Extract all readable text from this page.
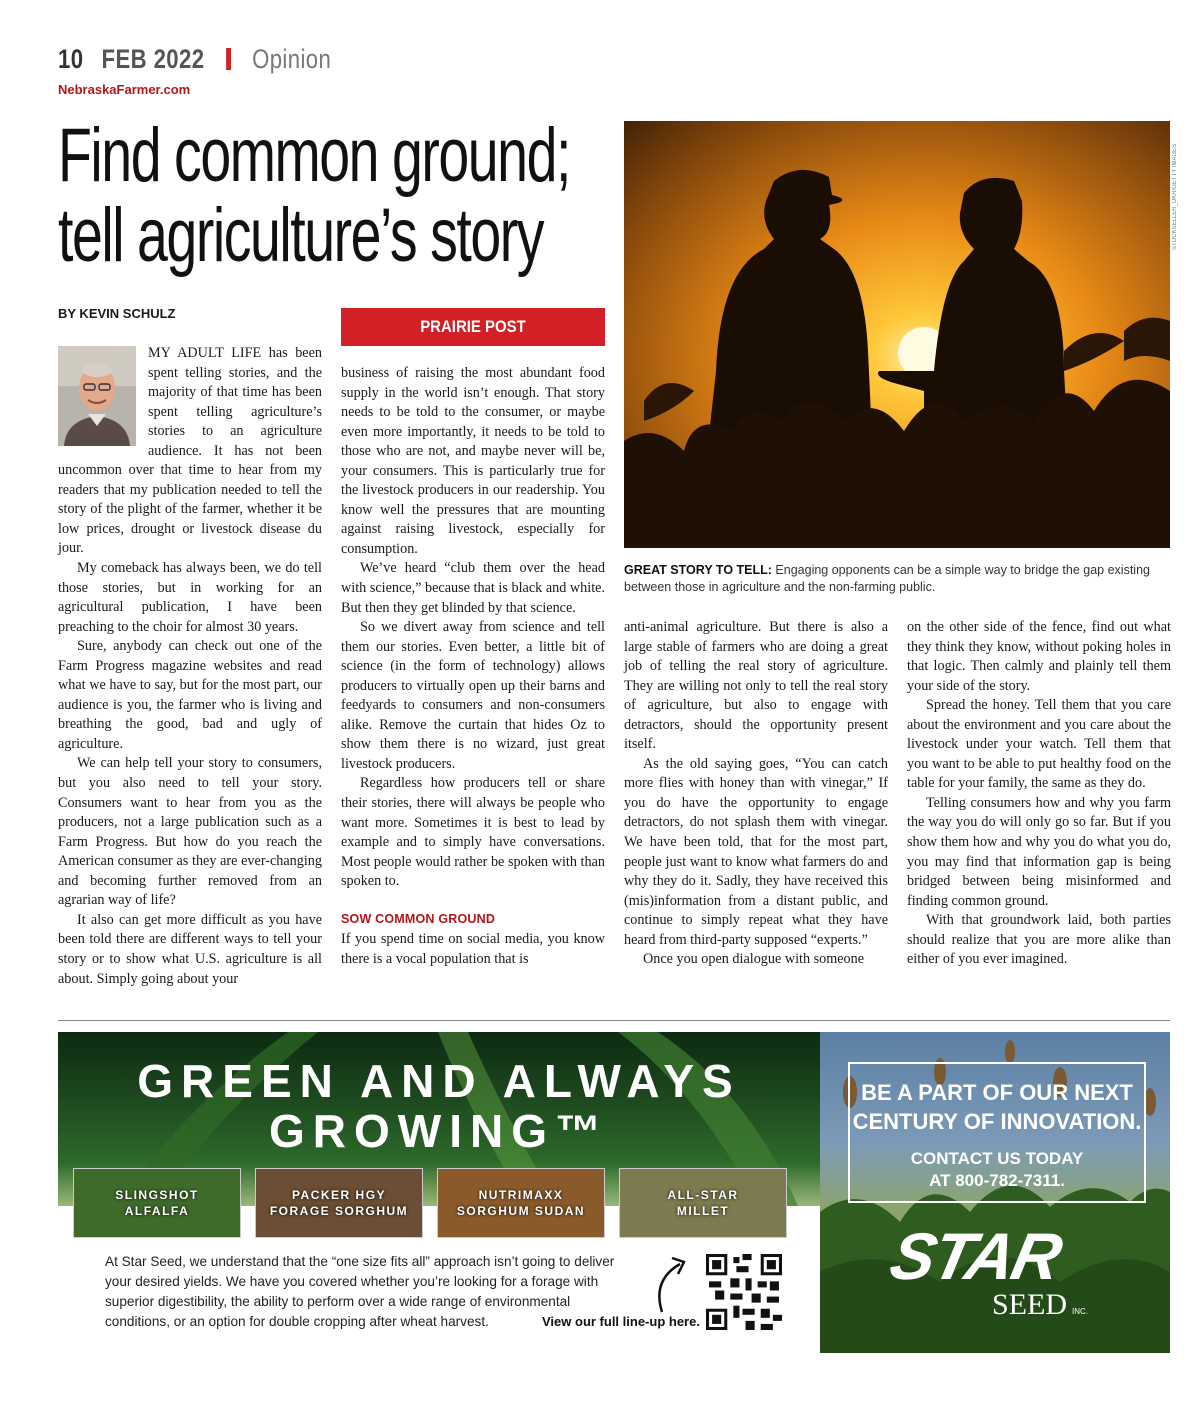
10 FEB 2022 Opinion
NebraskaFarmer.com
Find common ground;
tell agriculture’s story
BY KEVIN SCHULZ
PRAIRIE POST

MY ADULT LIFE has been spent telling stories, and the majority of that time has been spent telling agriculture’s stories to an agriculture audience. It has not been uncommon over that time to hear from my readers that my publication needed to tell the story of the plight of the farmer, whether it be low prices, drought or livestock disease du jour.

My comeback has always been, we do tell those stories, but in working for an agricultural publication, I have been preaching to the choir for almost 30 years.

Sure, anybody can check out one of the Farm Progress magazine websites and read what we have to say, but for the most part, our audience is you, the farmer who is living and breathing the good, bad and ugly of agriculture.

We can help tell your story to consumers, but you also need to tell your story. Consumers want to hear from you as the producers, not a large publication such as a Farm Progress. But how do you reach the American consumer as they are ever-changing and becoming further removed from an agrarian way of life?

It also can get more difficult as you have been told there are different ways to tell your story or to show what U.S. agriculture is all about. Simply going about your

business of raising the most abundant food supply in the world isn’t enough. That story needs to be told to the consumer, or maybe even more importantly, it needs to be told to those who are not, and maybe never will be, your consumers. This is particularly true for the livestock producers in our readership. You know well the pressures that are mounting against raising livestock, especially for consumption.

We’ve heard “club them over the head with science,” because that is black and white. But then they get blinded by that science.

So we divert away from science and tell them our stories. Even better, a little bit of science (in the form of technology) allows producers to virtually open up their barns and feedyards to consumers and non-consumers alike. Remove the curtain that hides Oz to show them there is no wizard, just great livestock producers.

Regardless how producers tell or share their stories, there will always be people who want more. Sometimes it is best to lead by example and to simply have conversations. Most people would rather be spoken with than spoken to.

SOW COMMON GROUND

If you spend time on social media, you know there is a vocal population that is

STOCKSELLER_UKR/GETTY IMAGES
GREAT STORY TO TELL: Engaging opponents can be a simple way to bridge the gap existing between those in agriculture and the non-farming public.

anti-animal agriculture. But there is also a large stable of farmers who are doing a great job of telling the real story of agriculture. They are willing not only to tell the real story of agriculture, but also to engage with detractors, should the opportunity present itself.

As the old saying goes, “You can catch more flies with honey than with vinegar,” If you do have the opportunity to engage detractors, do not splash them with vinegar. We have been told, that for the most part, people just want to know what farmers do and why they do it. Sadly, they have received this (mis)information from a distant public, and continue to simply repeat what they have heard from third-party supposed “experts.”

Once you open dialogue with someone

on the other side of the fence, find out what they think they know, without poking holes in that logic. Then calmly and plainly tell them your side of the story.

Spread the honey. Tell them that you care about the environment and you care about the livestock under your watch. Tell them that you want to be able to put healthy food on the table for your family, the same as they do.

Telling consumers how and why you farm the way you do will only go so far. But if you show them how and why you do what you do, you may find that information gap is being bridged between being misinformed and finding common ground.

With that groundwork laid, both parties should realize that you are more alike than either of you ever imagined.

GREEN AND ALWAYS
GROWING™
SLINGSHOT
ALFALFA
PACKER HGY
FORAGE SORGHUM
NUTRIMAXX
SORGHUM SUDAN
ALL-STAR
MILLET
At Star Seed, we understand that the “one size fits all” approach isn’t going to deliver your desired yields. We have you covered whether you’re looking for a forage with superior digestibility, the ability to perform over a wide range of environmental conditions, or an option for double cropping after wheat harvest.	View our full line-up here.
BE A PART OF OUR NEXT
CENTURY OF INNOVATION.
CONTACT US TODAY
AT 800-782-7311.
STAR
SEED INC.
